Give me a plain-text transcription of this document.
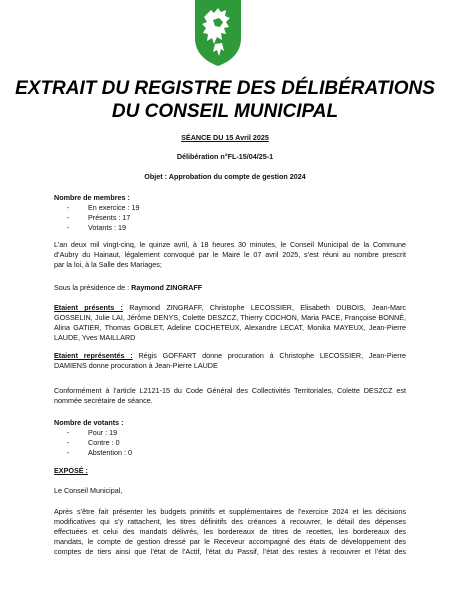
EXTRAIT DU REGISTRE DES DÉLIBÉRATIONS
DU CONSEIL MUNICIPAL
SÉANCE DU 15 Avril 2025
Délibération n°FL-15/04/25-1
Objet : Approbation du compte de gestion 2024

Nombre de membres :

-	En exercice : 19
-	Présents : 17
-	Votants : 19

L’an deux mil vingt-cinq, le quinze avril, à 18 heures 30 minutes, le Conseil Municipal de la Commune

d’Aubry du Hainaut, légalement convoqué par le Maire le 07 avril 2025, s’est réuni au nombre prescrit

par la loi, à la Salle des Mariages;

Sous la présidence de : Raymond ZINGRAFF

Etaient présents : Raymond ZINGRAFF, Christophe LECOSSIER, Elisabeth DUBOIS, Jean-Marc

GOSSELIN, Julie LAI, Jérôme DENYS, Colette DESZCZ, Thierry COCHON, Maria PACE, Françoise BONNÉ,

Alina GATIER, Thomas GOBLET, Adeline COCHETEUX, Alexandre LECAT, Monika MAYEUX, Jean-Pierre

LAUDE, Yves MAILLARD

Etaient représentés : Régis GOFFART donne procuration à Christophe LECOSSIER, Jean-Pierre

DAMIENS donne procuration à Jean-Pierre LAUDE

Conformément à l’article L2121-15 du Code Général des Collectivités Territoriales, Colette DESZCZ est

nommée secrétaire de séance.

Nombre de votants :

-	Pour : 19
-	Contre : 0
-	Abstention : 0

EXPOSÉ :

Le Conseil Municipal,

Après s’être fait présenter les budgets primitifs et supplémentaires de l’exercice 2024 et les décisions

modificatives qui s’y rattachent, les titres définitifs des créances à recouvrer, le détail des dépenses

effectuées et celui des mandats délivrés, les bordereaux de titres de recettes, les bordereaux des

mandats, le compte de gestion dressé par le Receveur accompagné des états de développement des

comptes de tiers ainsi que l’état de l’Actif, l’état du Passif, l’état des restes à recouvrer et l’état des
